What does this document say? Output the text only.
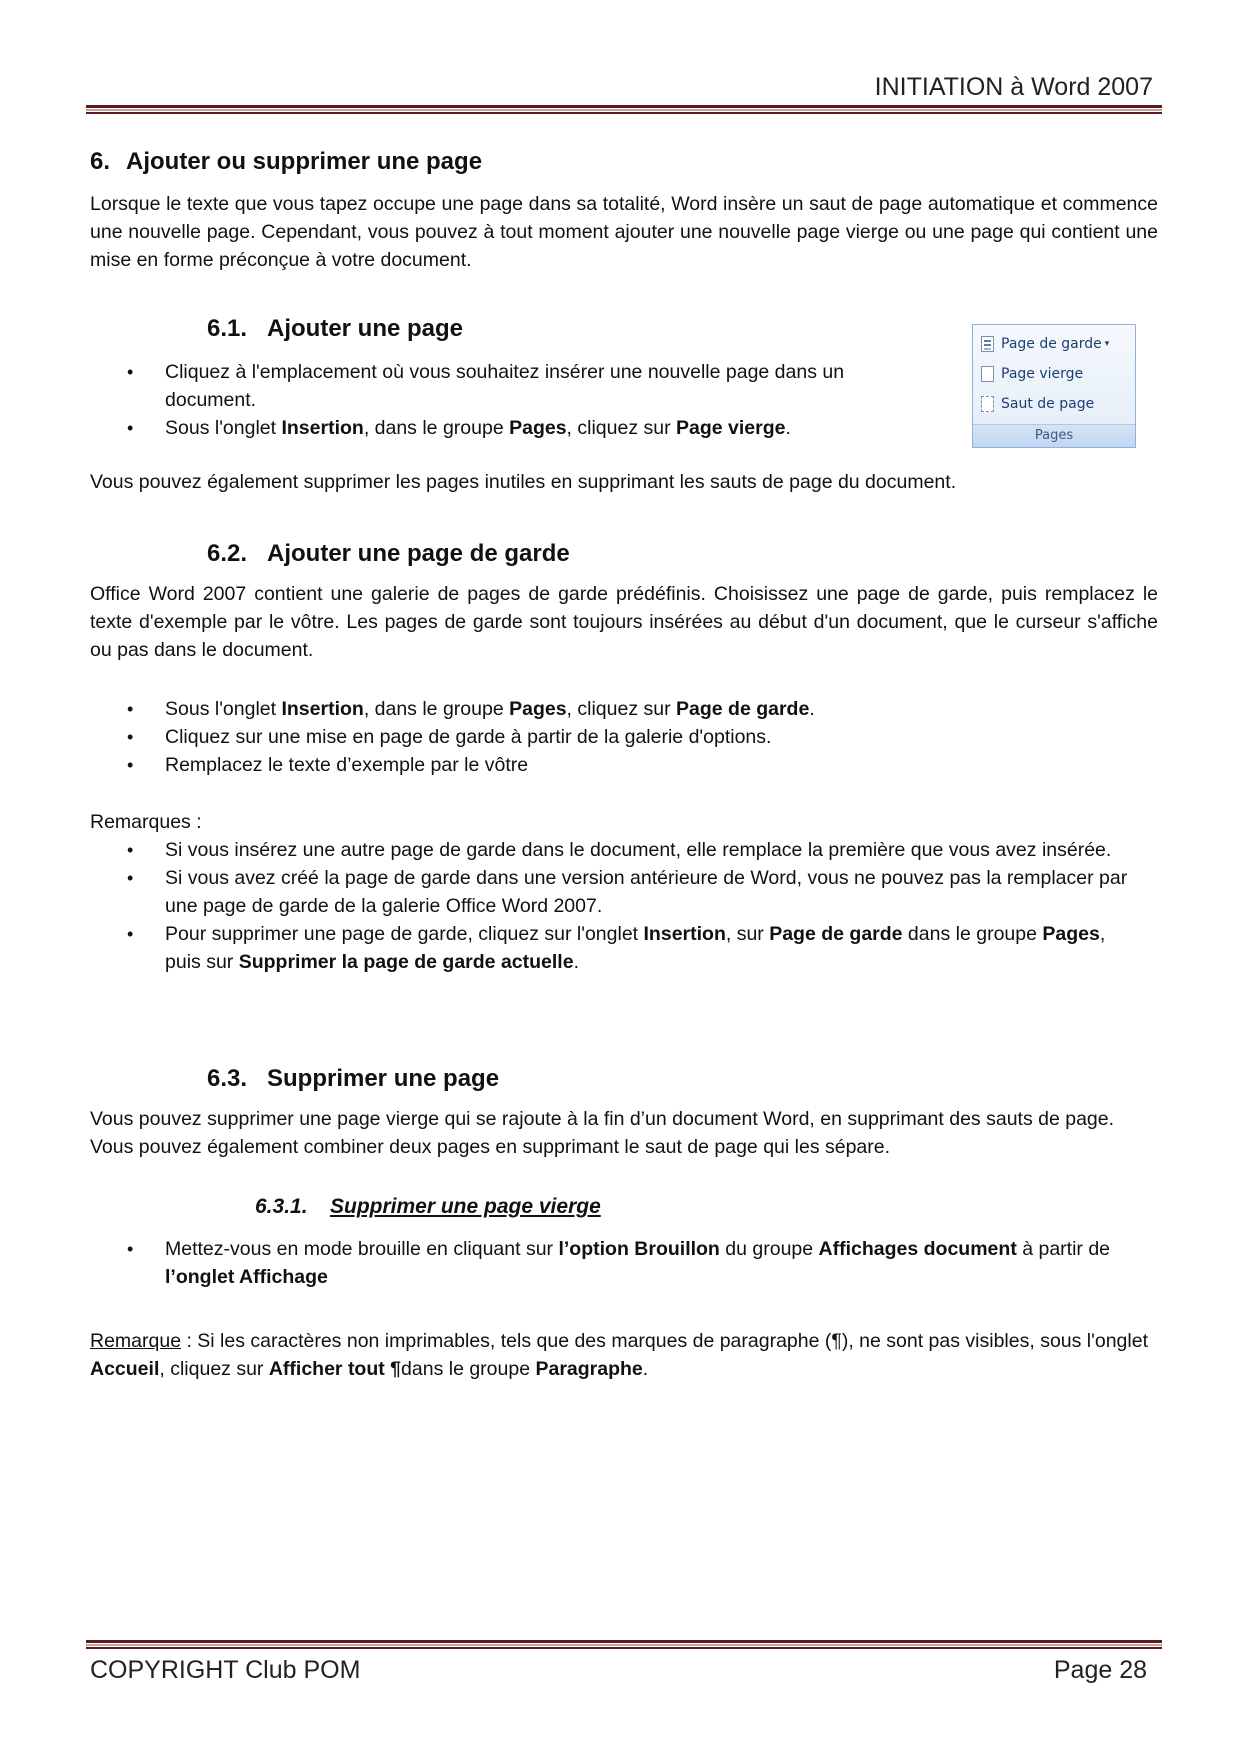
INITIATION à Word 2007
6. Ajouter ou supprimer une page

Lorsque le texte que vous tapez occupe une page dans sa totalité, Word insère un saut de page automatique et commence une nouvelle page. Cependant, vous pouvez à tout moment ajouter une nouvelle page vierge ou une page qui contient une mise en forme préconçue à votre document.

6.1. Ajouter une page
• Cliquez à l'emplacement où vous souhaitez insérer une nouvelle page dans un document.
• Sous l'onglet Insertion, dans le groupe Pages, cliquez sur Page vierge.
Page de garde ▾
Page vierge
Saut de page
Pages

Vous pouvez également supprimer les pages inutiles en supprimant les sauts de page du document.

6.2. Ajouter une page de garde

Office Word 2007 contient une galerie de pages de garde prédéfinis. Choisissez une page de garde, puis remplacez le texte d'exemple par le vôtre. Les pages de garde sont toujours insérées au début d'un document, que le curseur s'affiche ou pas dans le document.

• Sous l'onglet Insertion, dans le groupe Pages, cliquez sur Page de garde.
• Cliquez sur une mise en page de garde à partir de la galerie d'options.
• Remplacez le texte d’exemple par le vôtre

Remarques :

• Si vous insérez une autre page de garde dans le document, elle remplace la première que vous avez insérée.
• Si vous avez créé la page de garde dans une version antérieure de Word, vous ne pouvez pas la remplacer par une page de garde de la galerie Office Word 2007.
• Pour supprimer une page de garde, cliquez sur l'onglet Insertion, sur Page de garde dans le groupe Pages, puis sur Supprimer la page de garde actuelle.
6.3. Supprimer une page

Vous pouvez supprimer une page vierge qui se rajoute à la fin d’un document Word, en supprimant des sauts de page. Vous pouvez également combiner deux pages en supprimant le saut de page qui les sépare.

6.3.1. Supprimer une page vierge
• Mettez-vous en mode brouille en cliquant sur l’option Brouillon du groupe Affichages document à partir de l’onglet Affichage

Remarque : Si les caractères non imprimables, tels que des marques de paragraphe (¶), ne sont pas visibles, sous l'onglet Accueil, cliquez sur Afficher tout ¶dans le groupe Paragraphe.

COPYRIGHT Club POM	Page 28
